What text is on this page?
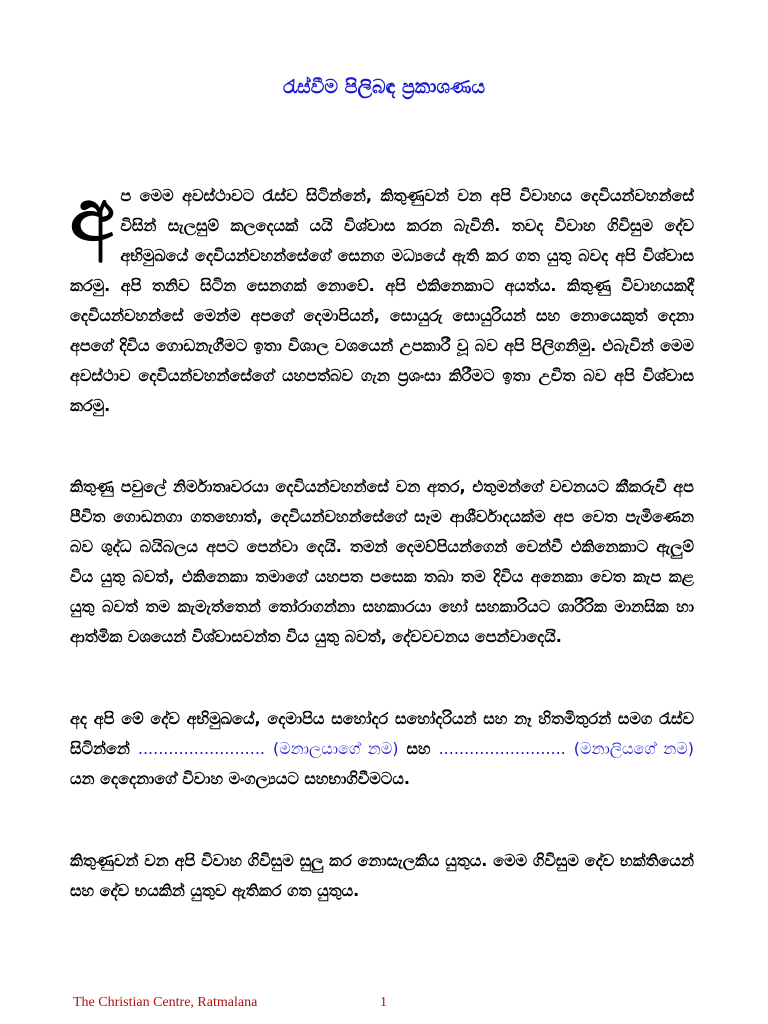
රැස්වීම පිලිබඳ ප්‍රකාශණය
අ ප මෙම අවස්ථාවට රැස්ව සිටින්නේ, කිතුණුවන් වන අපි විවාහය දෙවියන්වහන්සේ විසින් සැලසුම් කලදෙයක් යයි විශ්වාස කරන බැවිනි. තවද විවාහ ගිවිසුම දේව අභිමුඛයේ දෙවියන්වහන්සේගේ සෙනග මධ්‍යයේ ඇති කර ගත යුතු බවද අපි විශ්වාස කරමු. අපි තනිව සිටින සෙනගක් නොවේ. අපි එකිනෙකාට අයත්ය. කිතුණු විවාහයකදී දෙවියන්වහන්සේ මෙන්ම අපගේ දෙමාපියන්, සොයුරු සොයුරියන් සහ නොයෙකුත් දෙනා අපගේ දිවිය ගොඩනැගීමට ඉතා විශාල වශයෙන් උපකාරී වූ බව අපි පිලිගනිමු. එබැවින් මෙම අවස්ථාව දෙවියන්වහන්සේගේ යහපත්බව ගැන ප්‍රශංසා කිරීමට ඉතා උචිත බව අපි විශ්වාස කරමු.
කිතුණු පවුලේ නිර්මාතෘවරයා දෙවියන්වහන්සේ වන අතර, එතුමන්ගේ වචනයට කීකරුවී අප පීවිත ගොඩනගා ගතහොත්, දෙවියන්වහන්සේගේ සෑම ආශීර්වාදයක්ම අප වෙත පැමිණෙන බව ශුද්ධ බයිබලය අපට පෙන්වා දෙයි. තමන් දෙමව්පියන්ගෙන් වෙන්වී එකිනෙකාට ඇලුම් විය යුතු බවත්, එකිනෙකා තමාගේ යහපත පසෙක තබා තම දිවිය අනෙකා වෙත කැප කළ යුතු බවත් තම කැමැත්තෙන් තෝරාගන්නා සහකාරයා හෝ සහකාරියට ශාරීරික මානසික හා ආත්මික වශයෙන් විශ්වාසවන්ත විය යුතු බවත්, දේවවචනය පෙන්වාදෙයි.
අද අපි මේ දේව අභිමුඛයේ, දෙමාපිය සහෝදර සහෝදරියන් සහ නෑ හිතමිතුරන් සමග රැස්ව සිටින්නේ ......................... (මනාලයාගේ නම) සහ ......................... (මනාලියගේ නම) යන දෙදෙනාගේ විවාහ මංගල්‍යයට සහභාගිවීමටය.
කිතුණුවන් වන අපි විවාහ ගිවිසුම සුලු කර නොසැලකිය යුතුය. මෙම ගිවිසුම දේව භක්තියෙන් සහ දේව භයකින් යුතුව ඇතිකර ගත යුතුය.
The Christian Centre, Ratmalana	1
